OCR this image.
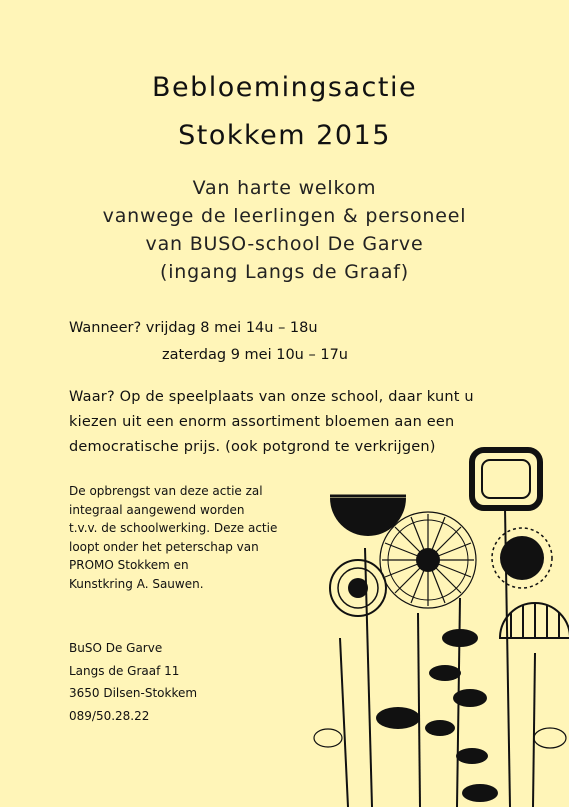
Bebloemingsactie
Stokkem 2015
Van harte welkom
vanwege de leerlingen & personeel
van BUSO-school De Garve
(ingang Langs de Graaf)
Wanneer? vrijdag 8 mei 14u – 18u
zaterdag 9 mei 10u – 17u
Waar? Op de speelplaats van onze school, daar kunt u
kiezen uit een enorm assortiment bloemen aan een
democratische prijs. (ook potgrond te verkrijgen)
De opbrengst van deze actie zal
integraal aangewend worden
t.v.v. de schoolwerking. Deze actie
loopt onder het peterschap van
PROMO Stokkem en
Kunstkring A. Sauwen.
BuSO De Garve
Langs de Graaf 11
3650 Dilsen-Stokkem
089/50.28.22
